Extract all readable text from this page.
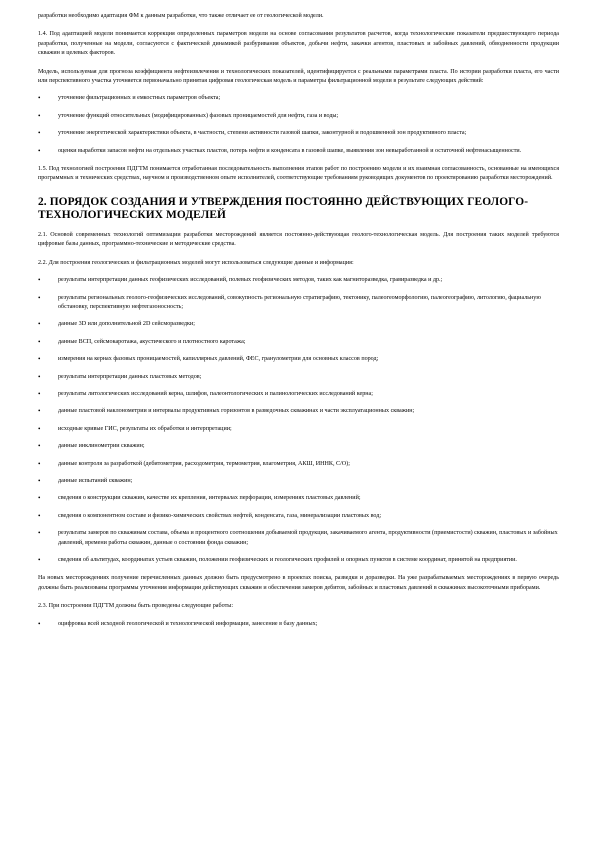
разработки необходимо адаптация ФМ к данным разработки, что также отличает ее от геологической модели.

1.4. Под адаптацией модели понимается коррекция определенных параметров модели на основе согласования результатов расчетов, когда технологические показатели предшествующего периода разработки, полученные на модели, согласуются с фактической динамикой разбуривания объектов, добычи нефти, закачки агентов, пластовых и забойных давлений, обводненности продукции скважин и целевых факторов.

Модель, используемая для прогноза коэффициента нефтеизвлечения и технологических показателей, идентифицируется с реальными параметрами пласта. По истории разработки пласта, его части или перспективного участка уточняется первоначально принятая цифровая геологическая модель и параметры фильтрационной модели в результате следующих действий:

• уточнение фильтрационных и емкостных параметров объекта;
• уточнение функций относительных (модифицированных) фазовых проницаемостей для нефти, газа и воды;
• уточнение энергетической характеристики объекта, в частности, степени активности газовой шапки, законтурной и подошвенной зон продуктивного пласта;
• оценки выработки запасов нефти на отдельных участках пластов, потерь нефти и конденсата в газовой шапке, выявления зон невыработанной и остаточной нефтенасыщенности.

1.5. Под технологией построения ПДГТМ понимается отработанная последовательность выполнения этапов работ по построению модели и их взаимная согласованность, основанные на имеющихся программных и технических средствах, научном и производственном опыте исполнителей, соответствующие требованиям руководящих документов по проектированию разработки месторождений.

2. ПОРЯДОК СОЗДАНИЯ И УТВЕРЖДЕНИЯ ПОСТОЯННО ДЕЙСТВУЮЩИХ ГЕОЛОГО-ТЕХНОЛОГИЧЕСКИХ МОДЕЛЕЙ

2.1. Основой современных технологий оптимизации разработки месторождений является постоянно-действующая геолого-технологическая модель. Для построения таких моделей требуются цифровые базы данных, программно-технические и методические средства.

2.2. Для построения геологических и фильтрационных моделей могут использоваться следующие данные и информация:

• результаты интерпретации данных геофизических исследований, полевых геофизических методов, таких как магниторазведка, гравиразведка и др.;
• результаты региональных геолого-геофизических исследований, совокупность региональную стратиграфию, тектонику, палеогеоморфологию, палеогеографию, литологию, фациальную обстановку, перспективную нефтегазоносность;
• данные 3D или дополнительной 2D сейсморазведки;
• данные ВСП, сейсмокаротажа, акустического и плотностного каротажа;
• измерения на кернах фазовых проницаемостей, капиллярных давлений, ФЕС, гранулометрии для основных классов пород;
• результаты интерпретации данных пластовых методов;
• результаты литологических исследований керна, шлифов, палеонтологических и палинологических исследований керна;
• данные пластовой наклонометрии и интервалы продуктивных горизонтов в разведочных скважинах и части эксплуатационных скважин;
• исходные кривые ГИС, результаты их обработки и интерпретации;
• данные инклинометрии скважин;
• данные контроля за разработкой (дебитометрия, расходометрия, термометрия, влагометрия, АКШ, ИННК, С/О);
• данные испытаний скважин;
• сведения о конструкции скважин, качестве их крепления, интервалах перфорации, измерениях пластовых давлений;
• сведения о компонентном составе и физико-химических свойствах нефтей, конденсата, газа, минерализации пластовых вод;
• результаты замеров по скважинам состава, объема и процентного соотношения добываемой продукции, закачиваемого агента, продуктивности (приемистости) скважин, пластовых и забойных давлений, времени работы скважин, данные о состоянии фонда скважин;
• сведения об альтитудах, координатах устьев скважин, положении геофизических и геологических профилей и опорных пунктов в системе координат, принятой на предприятии.

На новых месторождениях получение перечисленных данных должно быть предусмотрено в проектах поиска, разведки и доразведки. На уже разрабатываемых месторождениях в первую очередь должны быть реализованы программы уточнения информации действующих скважин и обеспечения замеров дебитов, забойных и пластовых давлений в скважинах высокоточными приборами.

2.3. При построении ПДГТМ должны быть проведены следующие работы:

• оцифровка всей исходной геологической и технологической информации, занесение в базу данных;
